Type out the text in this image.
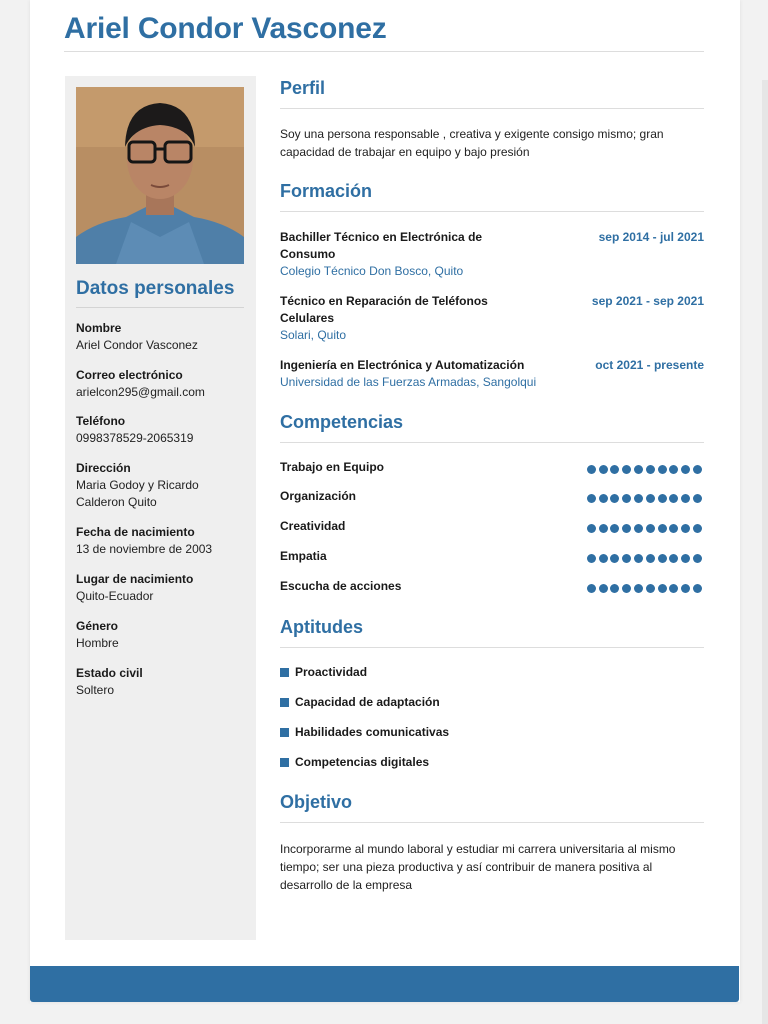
Ariel Condor Vasconez
Datos personales
Nombre
Ariel Condor Vasconez
Correo electrónico
arielcon295@gmail.com
Teléfono
0998378529-2065319
Dirección
Maria Godoy y Ricardo Calderon Quito
Fecha de nacimiento
13 de noviembre de 2003
Lugar de nacimiento
Quito-Ecuador
Género
Hombre
Estado civil
Soltero
Perfil
Soy una persona responsable , creativa y exigente consigo mismo; gran capacidad de trabajar en equipo y bajo presión
Formación
Bachiller Técnico en Electrónica de Consumo
sep 2014 - jul 2021
Colegio Técnico Don Bosco, Quito
Técnico en Reparación de Teléfonos Celulares
sep 2021 - sep 2021
Solari, Quito
Ingeniería en Electrónica y Automatización	oct 2021 - presente
Universidad de las Fuerzas Armadas, Sangolqui
Competencias
Trabajo en Equipo
Organización
Creatividad
Empatia
Escucha de acciones
Aptitudes
Proactividad
Capacidad de adaptación
Habilidades comunicativas
Competencias digitales
Objetivo
Incorporarme al mundo laboral y estudiar mi carrera universitaria al mismo tiempo; ser una pieza productiva y así contribuir de manera positiva al desarrollo de la empresa
